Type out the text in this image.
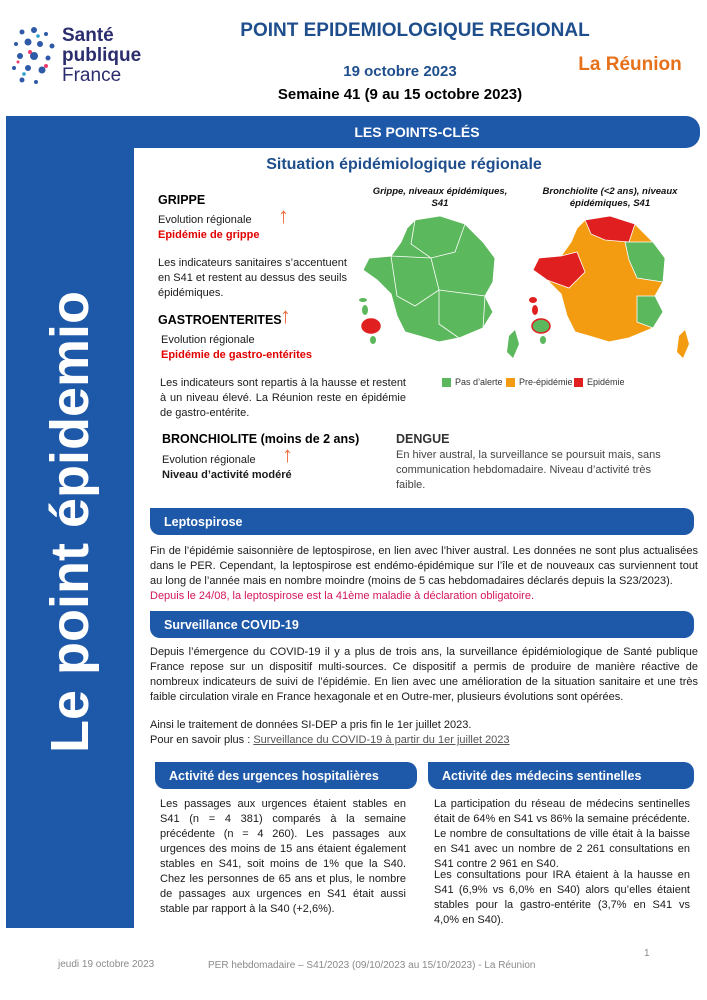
Santé
publique
France
POINT EPIDEMIOLOGIQUE REGIONAL
19 octobre 2023
Semaine 41 (9 au 15 octobre 2023)
La Réunion
Le point épidemio
LES POINTS-CLÉS
Situation épidémiologique régionale
GRIPPE
Evolution régionale ↑
Epidémie de grippe
Les indicateurs sanitaires s’accentuent en S41 et restent au dessus des seuils épidémiques.
GASTROENTERITES
↑
Evolution régionale
Epidémie de gastro-entérites
Les indicateurs sont repartis à la hausse et restent à un niveau élevé. La Réunion reste en épidémie de gastro-entérite.
Grippe, niveaux épidémiques, S41
Bronchiolite (<2 ans), niveaux épidémiques, S41
Pas d’alerte Pre-épidémie Epidémie
BRONCHIOLITE (moins de 2 ans)
Evolution régionale ↑
Niveau d’activité modéré
DENGUE
En hiver austral, la surveillance se poursuit mais, sans communication hebdomadaire. Niveau d’activité très faible.
Leptospirose
Fin de l’épidémie saisonnière de leptospirose, en lien avec l’hiver austral. Les données ne sont plus actualisées dans le PER. Cependant, la leptospirose est endémo-épidémique sur l’île et de nouveaux cas surviennent tout au long de l’année mais en nombre moindre (moins de 5 cas hebdomadaires déclarés depuis la S23/2023).
Depuis le 24/08, la leptospirose est la 41ème maladie à déclaration obligatoire.
Surveillance COVID-19
Depuis l’émergence du COVID-19 il y a plus de trois ans, la surveillance épidémiologique de Santé publique France repose sur un dispositif multi-sources. Ce dispositif a permis de produire de manière réactive de nombreux indicateurs de suivi de l’épidémie. En lien avec une amélioration de la situation sanitaire et une très faible circulation virale en France hexagonale et en Outre-mer, plusieurs évolutions sont opérées.
Ainsi le traitement de données SI-DEP a pris fin le 1er juillet 2023.
Pour en savoir plus : Surveillance du COVID-19 à partir du 1er juillet 2023
Activité des urgences hospitalières
Les passages aux urgences étaient stables en S41 (n = 4 381) comparés à la semaine précédente (n = 4 260). Les passages aux urgences des moins de 15 ans étaient également stables en S41, soit moins de 1% que la S40. Chez les personnes de 65 ans et plus, le nombre de passages aux urgences en S41 était aussi stable par rapport à la S40 (+2,6%).
Activité des médecins sentinelles
La participation du réseau de médecins sentinelles était de 64% en S41 vs 86% la semaine précédente. Le nombre de consultations de ville était à la baisse en S41 avec un nombre de 2 261 consultations en S41 contre 2 961 en S40.
Les consultations pour IRA étaient à la hausse en S41 (6,9% vs 6,0% en S40) alors qu’elles étaient stables pour la gastro-entérite (3,7% en S41 vs 4,0% en S40).
jeudi 19 octobre 2023	PER hebdomadaire – S41/2023 (09/10/2023 au 15/10/2023) - La Réunion
1
